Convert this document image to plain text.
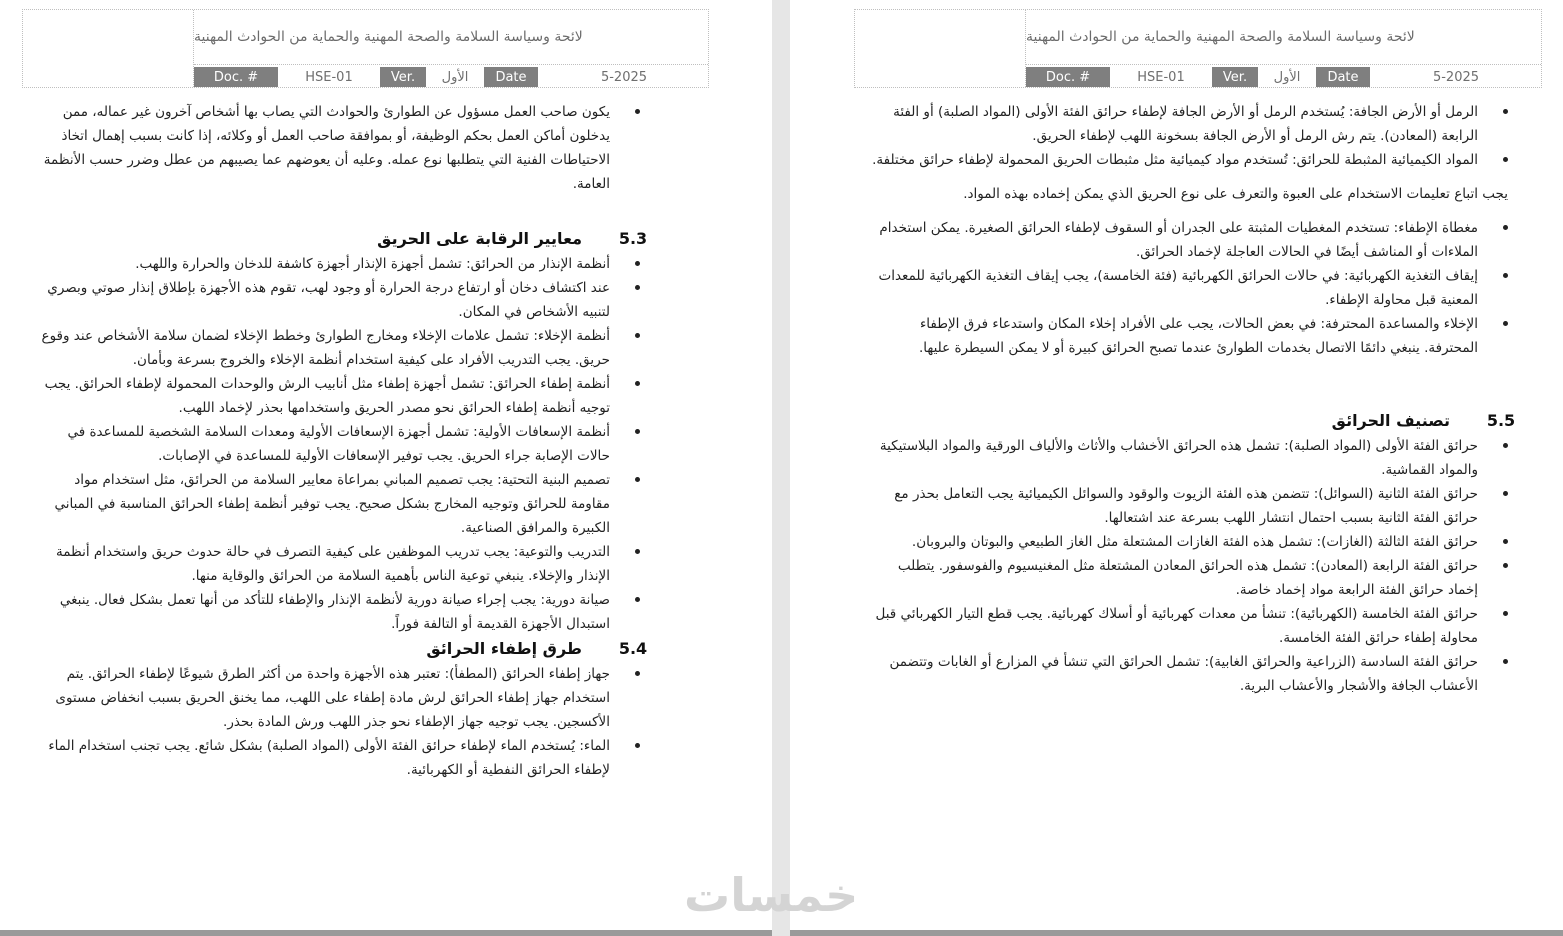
لائحة وسياسة السلامة والصحة المهنية والحماية من الحوادث المهنية
Doc. #	HSE-01	Ver.	الأول	Date	5-2025
يكون صاحب العمل مسؤول عن الطوارئ والحوادث التي يصاب بها أشخاص آخرون غير عماله، ممن يدخلون أماكن العمل بحكم الوظيفة، أو بموافقة صاحب العمل أو وكلائه، إذا كانت بسبب إهمال اتخاذ الاحتياطات الفنية التي يتطلبها نوع عمله. وعليه أن يعوضهم عما يصيبهم من عطل وضرر حسب الأنظمة العامة.
5.3
معايير الرقابة على الحريق
أنظمة الإنذار من الحرائق: تشمل أجهزة الإنذار أجهزة كاشفة للدخان والحرارة واللهب.
عند اكتشاف دخان أو ارتفاع درجة الحرارة أو وجود لهب، تقوم هذه الأجهزة بإطلاق إنذار صوتي وبصري لتنبيه الأشخاص في المكان.
أنظمة الإخلاء: تشمل علامات الإخلاء ومخارج الطوارئ وخطط الإخلاء لضمان سلامة الأشخاص عند وقوع حريق. يجب التدريب الأفراد على كيفية استخدام أنظمة الإخلاء والخروج بسرعة وبأمان.
أنظمة إطفاء الحرائق: تشمل أجهزة إطفاء مثل أنابيب الرش والوحدات المحمولة لإطفاء الحرائق. يجب توجيه أنظمة إطفاء الحرائق نحو مصدر الحريق واستخدامها بحذر لإخماد اللهب.
أنظمة الإسعافات الأولية: تشمل أجهزة الإسعافات الأولية ومعدات السلامة الشخصية للمساعدة في حالات الإصابة جراء الحريق. يجب توفير الإسعافات الأولية للمساعدة في الإصابات.
تصميم البنية التحتية: يجب تصميم المباني بمراعاة معايير السلامة من الحرائق، مثل استخدام مواد مقاومة للحرائق وتوجيه المخارج بشكل صحيح. يجب توفير أنظمة إطفاء الحرائق المناسبة في المباني الكبيرة والمرافق الصناعية.
التدريب والتوعية: يجب تدريب الموظفين على كيفية التصرف في حالة حدوث حريق واستخدام أنظمة الإنذار والإخلاء. ينبغي توعية الناس بأهمية السلامة من الحرائق والوقاية منها.
صيانة دورية: يجب إجراء صيانة دورية لأنظمة الإنذار والإطفاء للتأكد من أنها تعمل بشكل فعال. ينبغي استبدال الأجهزة القديمة أو التالفة فوراً.
5.4
طرق إطفاء الحرائق
جهاز إطفاء الحرائق (المطفأ): تعتبر هذه الأجهزة واحدة من أكثر الطرق شيوعًا لإطفاء الحرائق. يتم استخدام جهاز إطفاء الحرائق لرش مادة إطفاء على اللهب، مما يخنق الحريق بسبب انخفاض مستوى الأكسجين. يجب توجيه جهاز الإطفاء نحو جذر اللهب ورش المادة بحذر.
الماء: يُستخدم الماء لإطفاء حرائق الفئة الأولى (المواد الصلبة) بشكل شائع. يجب تجنب استخدام الماء لإطفاء الحرائق النفطية أو الكهربائية.
لائحة وسياسة السلامة والصحة المهنية والحماية من الحوادث المهنية
Doc. #	HSE-01	Ver.	الأول	Date	5-2025
الرمل أو الأرض الجافة: يُستخدم الرمل أو الأرض الجافة لإطفاء حرائق الفئة الأولى (المواد الصلبة) أو الفئة الرابعة (المعادن). يتم رش الرمل أو الأرض الجافة بسخونة اللهب لإطفاء الحريق.
المواد الكيميائية المثبطة للحرائق: تُستخدم مواد كيميائية مثل مثبطات الحريق المحمولة لإطفاء حرائق مختلفة.

يجب اتباع تعليمات الاستخدام على العبوة والتعرف على نوع الحريق الذي يمكن إخماده بهذه المواد.

مغطاة الإطفاء: تستخدم المغطيات المثبتة على الجدران أو السقوف لإطفاء الحرائق الصغيرة. يمكن استخدام الملاءات أو المناشف أيضًا في الحالات العاجلة لإخماد الحرائق.
إيقاف التغذية الكهربائية: في حالات الحرائق الكهربائية (فئة الخامسة)، يجب إيقاف التغذية الكهربائية للمعدات المعنية قبل محاولة الإطفاء.
الإخلاء والمساعدة المحترفة: في بعض الحالات، يجب على الأفراد إخلاء المكان واستدعاء فرق الإطفاء المحترفة. ينبغي دائمًا الاتصال بخدمات الطوارئ عندما تصبح الحرائق كبيرة أو لا يمكن السيطرة عليها.
5.5
تصنيف الحرائق
حرائق الفئة الأولى (المواد الصلبة): تشمل هذه الحرائق الأخشاب والأثاث والألياف الورقية والمواد البلاستيكية والمواد القماشية.
حرائق الفئة الثانية (السوائل): تتضمن هذه الفئة الزيوت والوقود والسوائل الكيميائية يجب التعامل بحذر مع حرائق الفئة الثانية بسبب احتمال انتشار اللهب بسرعة عند اشتعالها.
حرائق الفئة الثالثة (الغازات): تشمل هذه الفئة الغازات المشتعلة مثل الغاز الطبيعي والبوتان والبروبان.
حرائق الفئة الرابعة (المعادن): تشمل هذه الحرائق المعادن المشتعلة مثل المغنيسيوم والفوسفور. يتطلب إخماد حرائق الفئة الرابعة مواد إخماد خاصة.
حرائق الفئة الخامسة (الكهربائية): تنشأ من معدات كهربائية أو أسلاك كهربائية. يجب قطع التيار الكهربائي قبل محاولة إطفاء حرائق الفئة الخامسة.
حرائق الفئة السادسة (الزراعية والحرائق الغابية): تشمل الحرائق التي تنشأ في المزارع أو الغابات وتتضمن الأعشاب الجافة والأشجار والأعشاب البرية.
خمسات
